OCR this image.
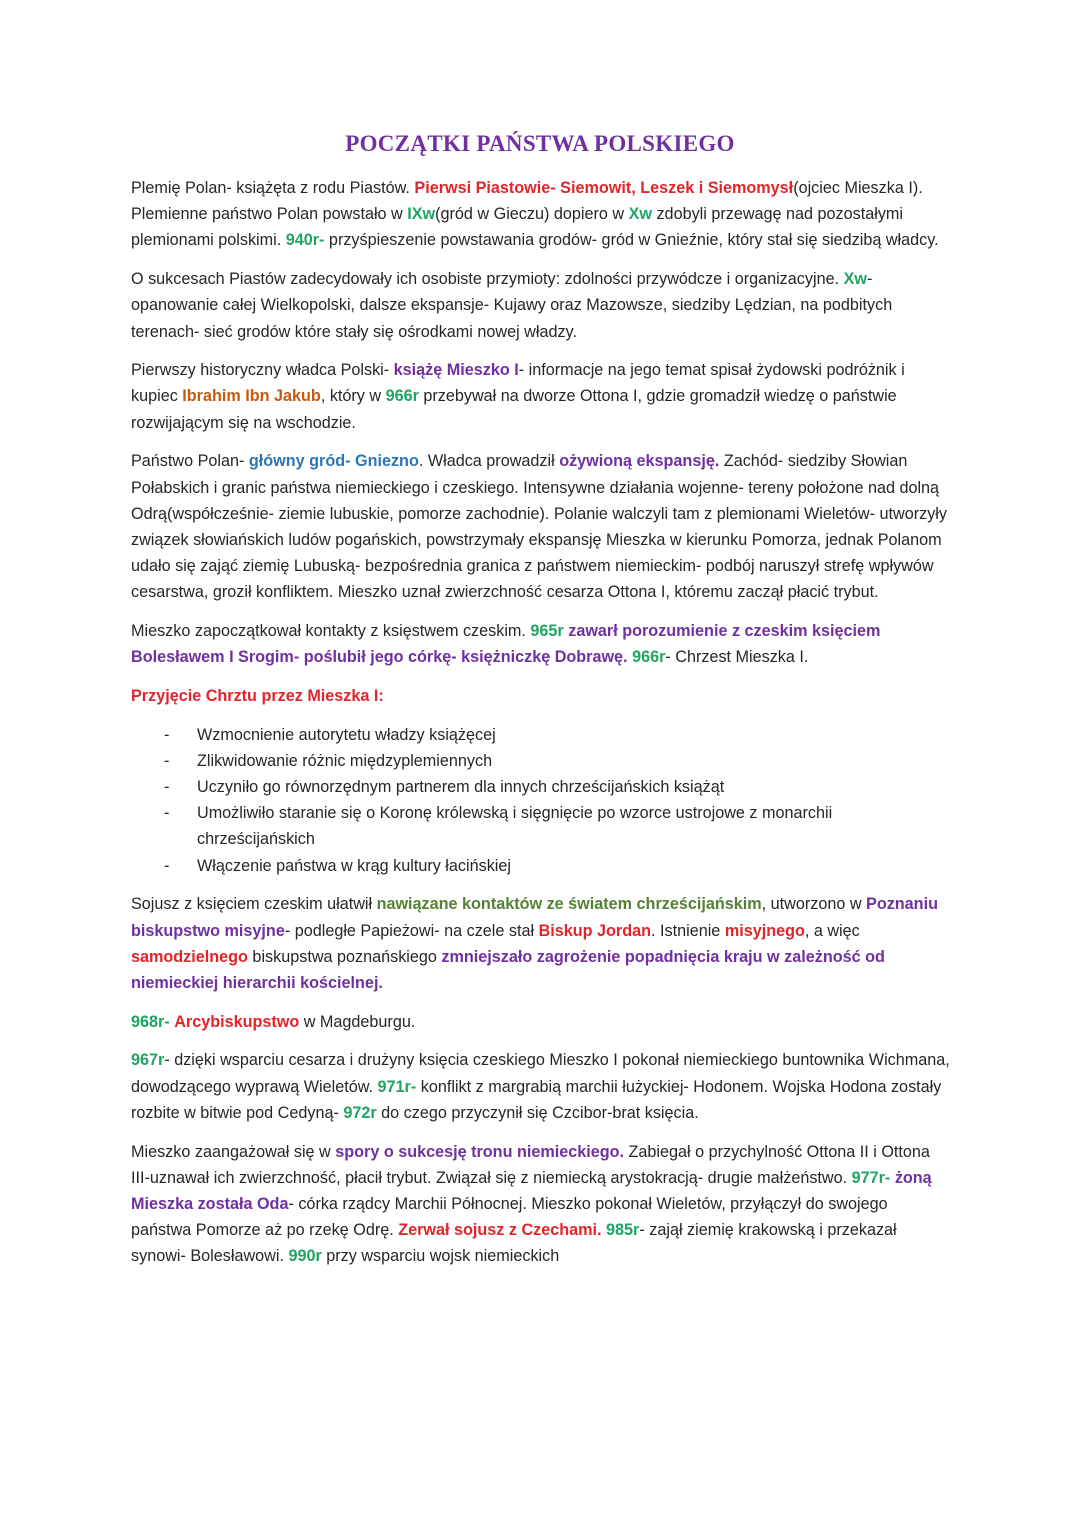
POCZĄTKI PAŃSTWA POLSKIEGO

Plemię Polan- książęta z rodu Piastów. Pierwsi Piastowie- Siemowit, Leszek i Siemomysł(ojciec Mieszka I). Plemienne państwo Polan powstało w IXw(gród w Gieczu) dopiero w Xw zdobyli przewagę nad pozostałymi plemionami polskimi. 940r- przyśpieszenie powstawania grodów- gród w Gnieźnie, który stał się siedzibą władcy.

O sukcesach Piastów zadecydowały ich osobiste przymioty: zdolności przywódcze i organizacyjne. Xw- opanowanie całej Wielkopolski, dalsze ekspansje- Kujawy oraz Mazowsze, siedziby Lędzian, na podbitych terenach- sieć grodów które stały się ośrodkami nowej władzy.

Pierwszy historyczny władca Polski- książę Mieszko I- informacje na jego temat spisał żydowski podróżnik i kupiec Ibrahim Ibn Jakub, który w 966r przebywał na dworze Ottona I, gdzie gromadził wiedzę o państwie rozwijającym się na wschodzie.

Państwo Polan- główny gród- Gniezno. Władca prowadził ożywioną ekspansję. Zachód- siedziby Słowian Połabskich i granic państwa niemieckiego i czeskiego. Intensywne działania wojenne- tereny położone nad dolną Odrą(współcześnie- ziemie lubuskie, pomorze zachodnie). Polanie walczyli tam z plemionami Wieletów- utworzyły związek słowiańskich ludów pogańskich, powstrzymały ekspansję Mieszka w kierunku Pomorza, jednak Polanom udało się zająć ziemię Lubuską- bezpośrednia granica z państwem niemieckim- podbój naruszył strefę wpływów cesarstwa, groził konfliktem. Mieszko uznał zwierzchność cesarza Ottona I, któremu zaczął płacić trybut.

Mieszko zapoczątkował kontakty z księstwem czeskim. 965r zawarł porozumienie z czeskim księciem Bolesławem I Srogim- poślubił jego córkę- księżniczkę Dobrawę. 966r- Chrzest Mieszka I.

Przyjęcie Chrztu przez Mieszka I:

- Wzmocnienie autorytetu władzy książęcej
- Zlikwidowanie różnic międzyplemiennych
- Uczyniło go równorzędnym partnerem dla innych chrześcijańskich książąt
- Umożliwiło staranie się o Koronę królewską i sięgnięcie po wzorce ustrojowe z monarchii chrześcijańskich
- Włączenie państwa w krąg kultury łacińskiej

Sojusz z księciem czeskim ułatwił nawiązane kontaktów ze światem chrześcijańskim, utworzono w Poznaniu biskupstwo misyjne- podległe Papieżowi- na czele stał Biskup Jordan. Istnienie misyjnego, a więc samodzielnego biskupstwa poznańskiego zmniejszało zagrożenie popadnięcia kraju w zależność od niemieckiej hierarchii kościelnej.

968r- Arcybiskupstwo w Magdeburgu.

967r- dzięki wsparciu cesarza i drużyny księcia czeskiego Mieszko I pokonał niemieckiego buntownika Wichmana, dowodzącego wyprawą Wieletów. 971r- konflikt z margrabią marchii łużyckiej- Hodonem. Wojska Hodona zostały rozbite w bitwie pod Cedyną- 972r do czego przyczynił się Czcibor-brat księcia.

Mieszko zaangażował się w spory o sukcesję tronu niemieckiego. Zabiegał o przychylność Ottona II i Ottona III-uznawał ich zwierzchność, płacił trybut. Związał się z niemiecką arystokracją- drugie małżeństwo. 977r- żoną Mieszka została Oda- córka rządcy Marchii Północnej. Mieszko pokonał Wieletów, przyłączył do swojego państwa Pomorze aż po rzekę Odrę. Zerwał sojusz z Czechami. 985r- zajął ziemię krakowską i przekazał synowi- Bolesławowi. 990r przy wsparciu wojsk niemieckich
